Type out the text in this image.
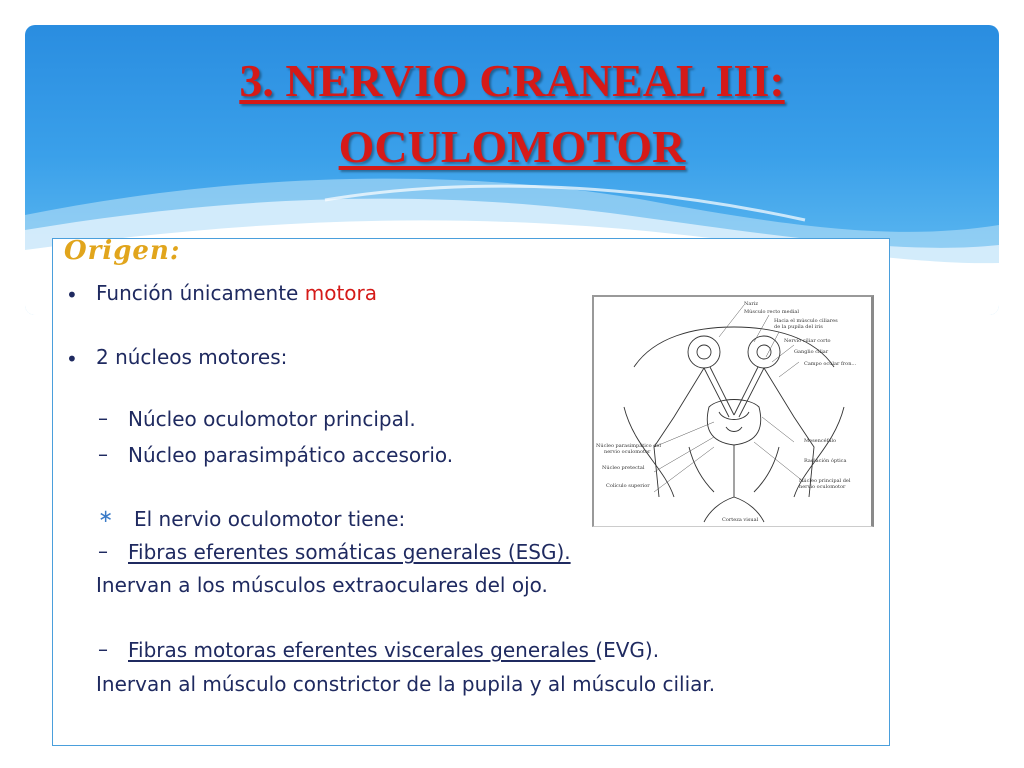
3. NERVIO CRANEAL III:
OCULOMOTOR
Origen:
• Función únicamente motora
• 2 núcleos motores:
– Núcleo oculomotor principal.
– Núcleo parasimpático accesorio.
∗ El nervio oculomotor tiene:
– Fibras eferentes somáticas generales (ESG).
Inervan a los músculos extraoculares del ojo.
– Fibras motoras eferentes viscerales generales (EVG).
Inervan al músculo constrictor de la pupila y al músculo ciliar.
Nariz
Músculo recto medial
Hacia el músculo ciliares
de la pupila del iris
Nervio ciliar corto
Ganglio ciliar
Campo ocular fron...
Mesencéfalo
Núcleo parasimpático del
nervio oculomotor
Núcleo pretectal
Radiación óptica
Colículo superior
Núcleo principal del
nervio oculomotor
Corteza visual
